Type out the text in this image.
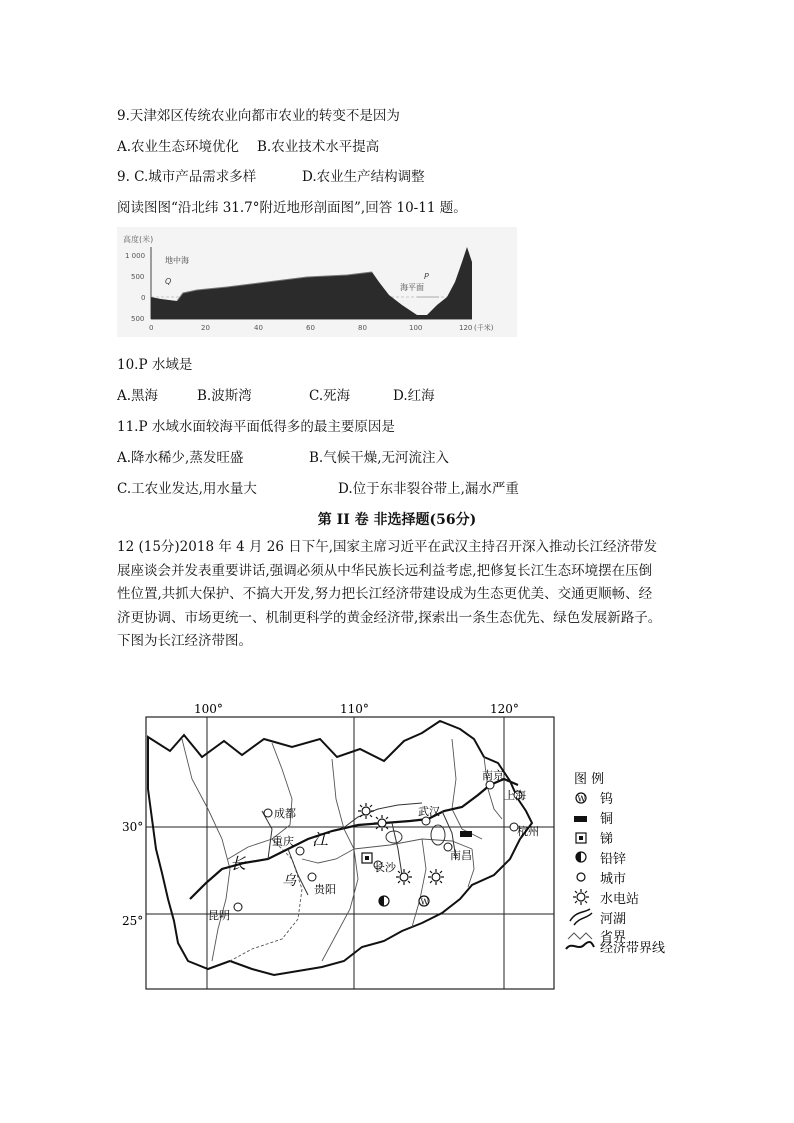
9.天津郊区传统农业向都市农业的转变不是因为
A.农业生态环境优化 B.农业技术水平提高
9. C.城市产品需求多样	D.农业生产结构调整
阅读图图“沿北纬 31.7°附近地形剖面图”,回答 10-11 题。
高度(米)
1 000
500
0
500
地中海
Q
海平面
P
0	20	40	60	80	100	120 (千米)
10.P 水域是
A.黑海	B.波斯湾	C.死海	D.红海
11.P 水域水面较海平面低得多的最主要原因是
A.降水稀少,蒸发旺盛	B.气候干燥,无河流注入
C.工农业发达,用水量大	D.位于东非裂谷带上,漏水严重
第 II 卷 非选择题(56分)
12 (15分)2018 年 4 月 26 日下午,国家主席习近平在武汉主持召开深入推动长江经济带发
展座谈会并发表重要讲话,强调必须从中华民族长远利益考虑,把修复长江生态环境摆在压倒
性位置,共抓大保护、不搞大开发,努力把长江经济带建设成为生态更优美、交通更顺畅、经
济更协调、市场更统一、机制更科学的黄金经济带,探索出一条生态优先、绿色发展新路子。
下图为长江经济带图。
100°	110°	120°
30°
25°
长
江
乌
成都
重庆
贵阳
昆明
长沙
武汉
南昌
南京
上海
杭州
W
图 例
W 钨
铜
锑
铅锌
城市
水电站
河湖
省界
经济带界线
